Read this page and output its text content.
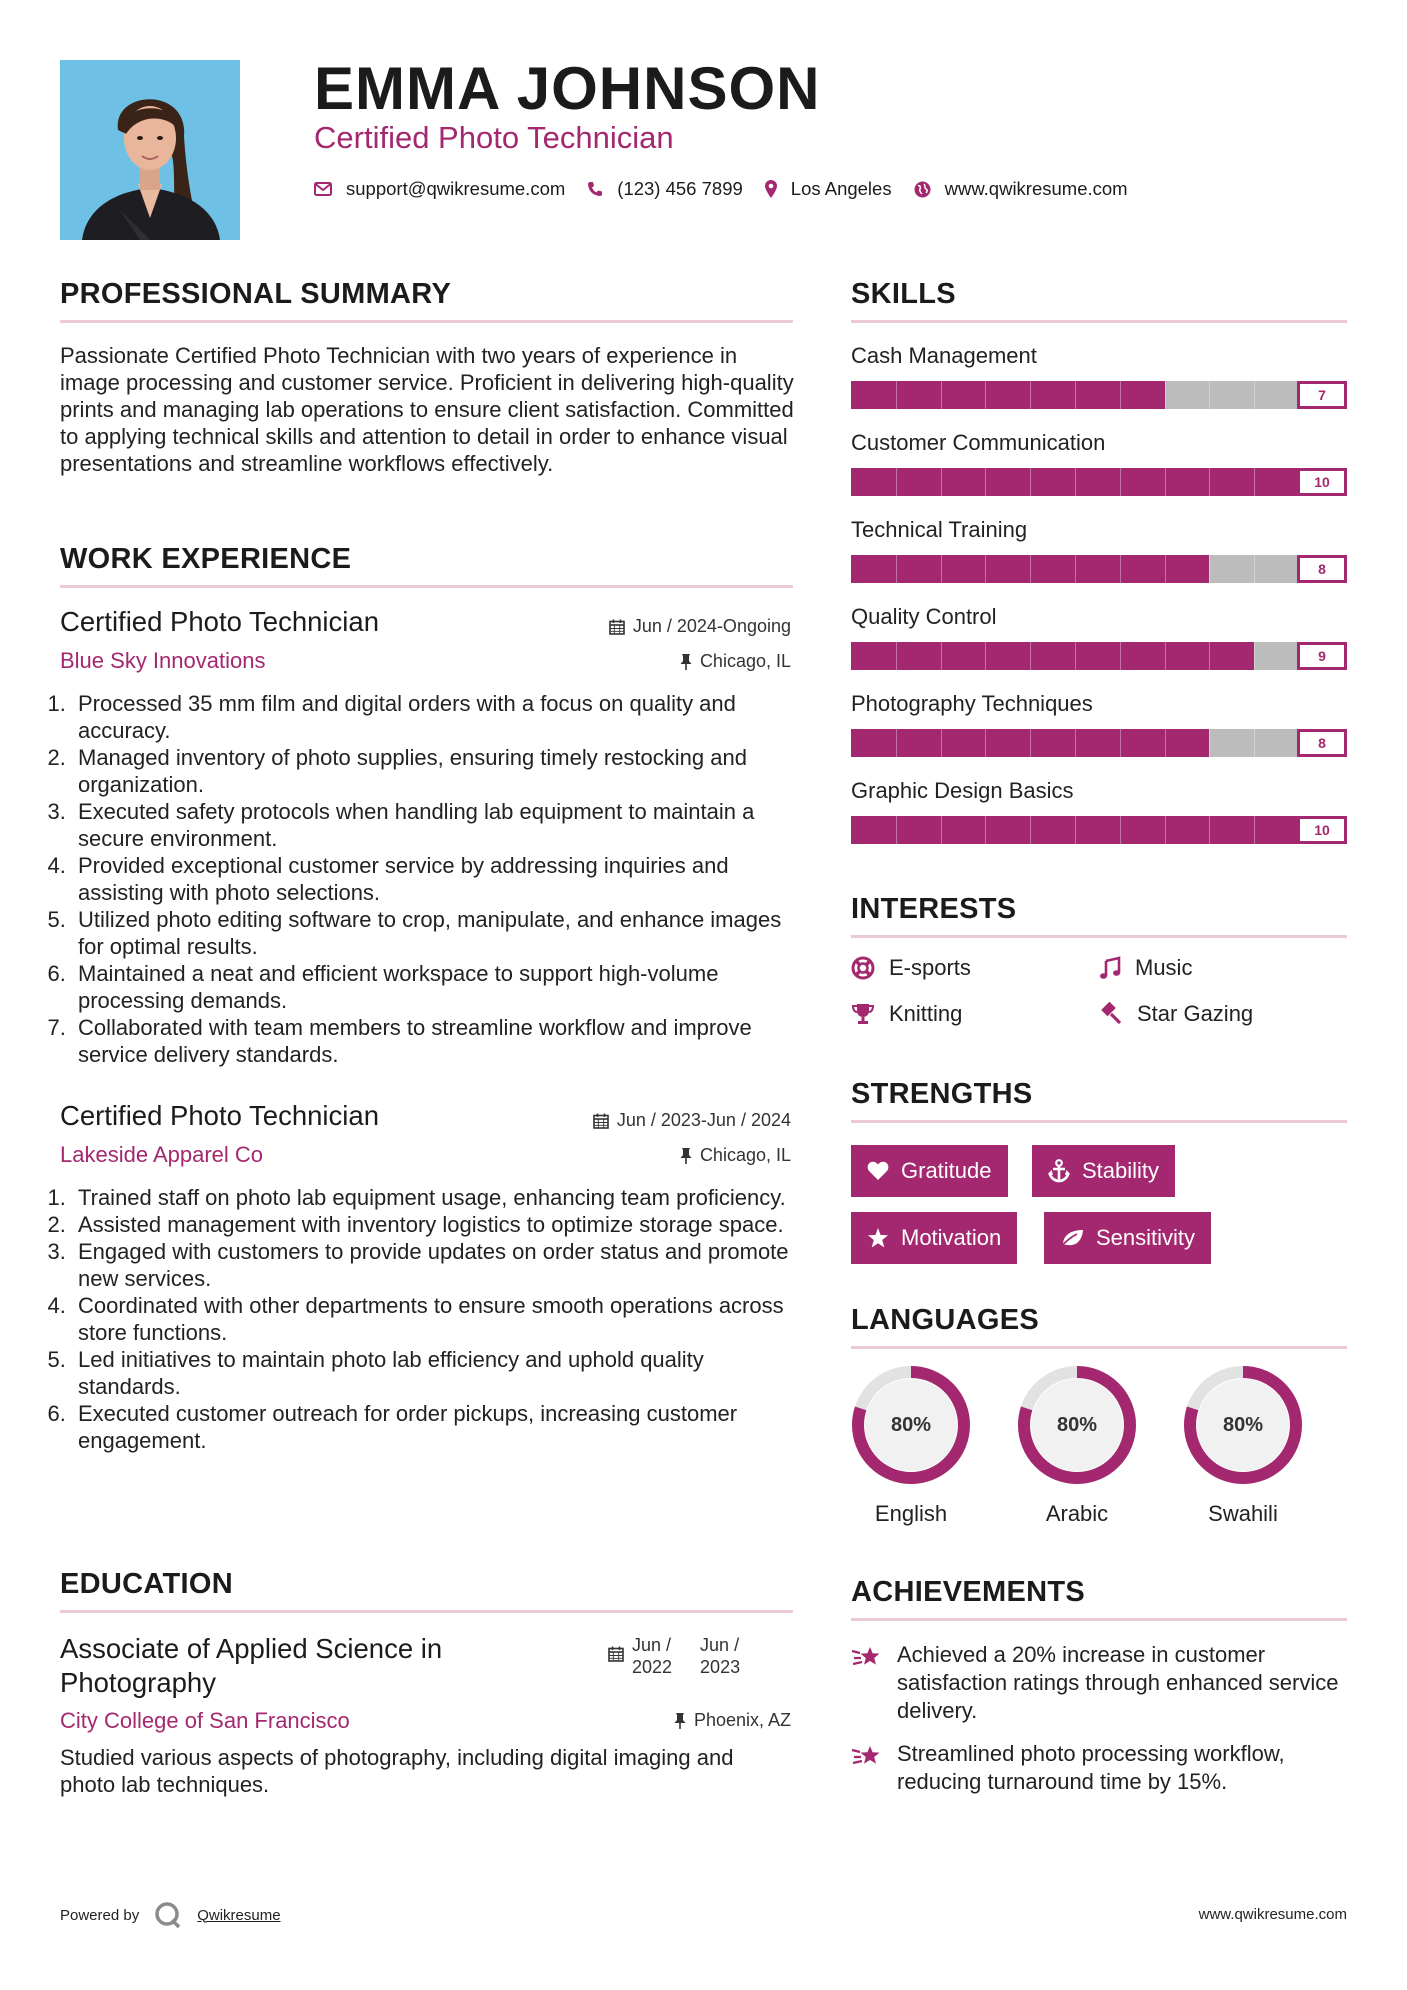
EMMA JOHNSON
Certified Photo Technician
support@qwikresume.com	(123) 456 7899	Los Angeles	www.qwikresume.com
PROFESSIONAL SUMMARY
Passionate Certified Photo Technician with two years of experience in image processing and customer service. Proficient in delivering high-quality prints and managing lab operations to ensure client satisfaction. Committed to applying technical skills and attention to detail in order to enhance visual presentations and streamline workflows effectively.
WORK EXPERIENCE
Certified Photo Technician	Jun / 2024-Ongoing
Blue Sky Innovations	Chicago, IL
1. Processed 35 mm film and digital orders with a focus on quality and accuracy.
2. Managed inventory of photo supplies, ensuring timely restocking and organization.
3. Executed safety protocols when handling lab equipment to maintain a secure environment.
4. Provided exceptional customer service by addressing inquiries and assisting with photo selections.
5. Utilized photo editing software to crop, manipulate, and enhance images for optimal results.
6. Maintained a neat and efficient workspace to support high-volume processing demands.
7. Collaborated with team members to streamline workflow and improve service delivery standards.
Certified Photo Technician	Jun / 2023-Jun / 2024
Lakeside Apparel Co	Chicago, IL
1. Trained staff on photo lab equipment usage, enhancing team proficiency.
2. Assisted management with inventory logistics to optimize storage space.
3. Engaged with customers to provide updates on order status and promote new services.
4. Coordinated with other departments to ensure smooth operations across store functions.
5. Led initiatives to maintain photo lab efficiency and uphold quality standards.
6. Executed customer outreach for order pickups, increasing customer engagement.
EDUCATION
Associate of Applied Science in Photography
Jun /
2022
Jun /
2023
City College of San Francisco	Phoenix, AZ
Studied various aspects of photography, including digital imaging and photo lab techniques.
SKILLS
Cash Management
7
Customer Communication
10
Technical Training
8
Quality Control
9
Photography Techniques
8
Graphic Design Basics
10
INTERESTS
E-sports	Music
Knitting	Star Gazing
STRENGTHS
Gratitude	Stability
Motivation	Sensitivity
LANGUAGES
80%
English
80%
Arabic
80%
Swahili
ACHIEVEMENTS
Achieved a 20% increase in customer satisfaction ratings through enhanced service delivery.
Streamlined photo processing workflow, reducing turnaround time by 15%.
Powered by	Qwikresume	www.qwikresume.com
